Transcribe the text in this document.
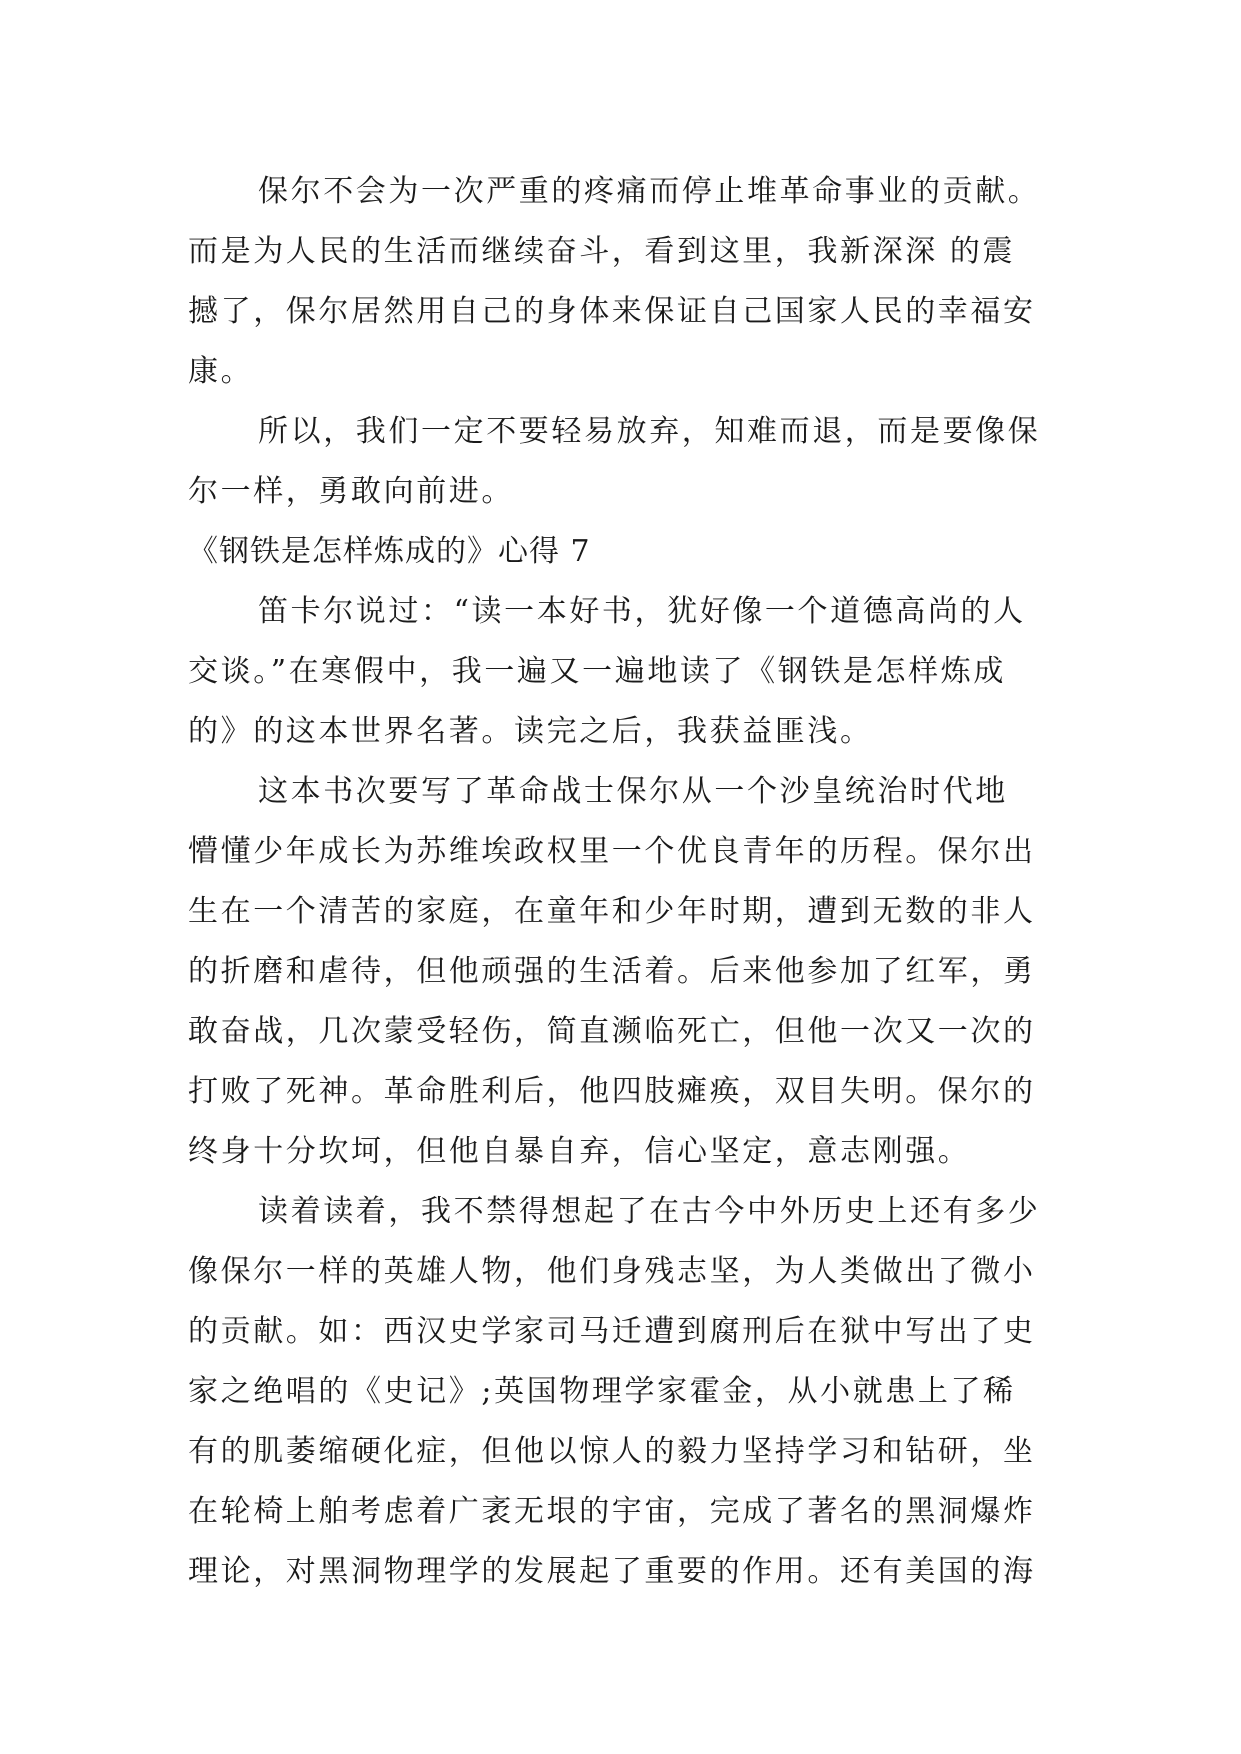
保尔不会为一次严重的疼痛而停止堆革命事业的贡献。

而是为人民的生活而继续奋斗，看到这里，我新深深 的震

撼了，保尔居然用自己的身体来保证自己国家人民的幸福安

康。

所以，我们一定不要轻易放弃，知难而退，而是要像保

尔一样，勇敢向前进。

《钢铁是怎样炼成的》心得 7

笛卡尔说过：“读一本好书，犹好像一个道德高尚的人

交谈。”在寒假中，我一遍又一遍地读了《钢铁是怎样炼成

的》的这本世界名著。读完之后，我获益匪浅。

这本书次要写了革命战士保尔从一个沙皇统治时代地

懵懂少年成长为苏维埃政权里一个优良青年的历程。保尔出

生在一个清苦的家庭，在童年和少年时期，遭到无数的非人

的折磨和虐待，但他顽强的生活着。后来他参加了红军，勇

敢奋战，几次蒙受轻伤，简直濒临死亡，但他一次又一次的

打败了死神。革命胜利后，他四肢瘫痪，双目失明。保尔的

终身十分坎坷，但他自暴自弃，信心坚定，意志刚强。

读着读着，我不禁得想起了在古今中外历史上还有多少

像保尔一样的英雄人物，他们身残志坚，为人类做出了微小

的贡献。如：西汉史学家司马迁遭到腐刑后在狱中写出了史

家之绝唱的《史记》;英国物理学家霍金，从小就患上了稀

有的肌萎缩硬化症，但他以惊人的毅力坚持学习和钻研，坐

在轮椅上舶考虑着广袤无垠的宇宙，完成了著名的黑洞爆炸

理论，对黑洞物理学的发展起了重要的作用。还有美国的海
